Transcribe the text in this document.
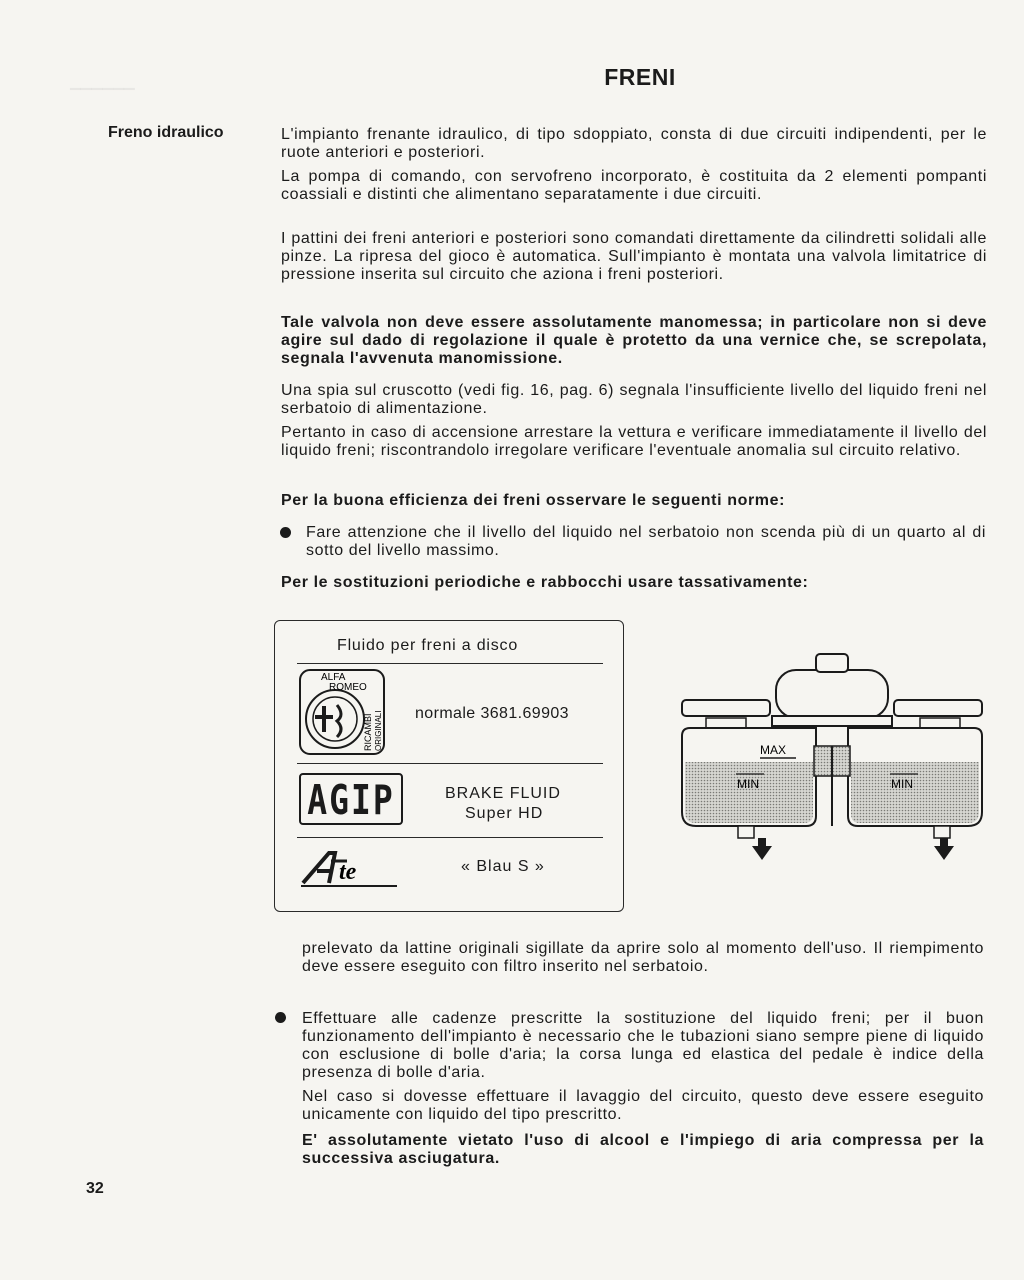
▔▔▔▔▔▔
FRENI
Freno idraulico	L'impianto frenante idraulico, di tipo sdoppiato, consta di due circuiti indipendenti, per le ruote anteriori e posteriori.
La pompa di comando, con servofreno incorporato, è costituita da 2 elementi pompanti coassiali e distinti che alimentano separatamente i due circuiti.
I pattini dei freni anteriori e posteriori sono comandati direttamente da cilindretti solidali alle pinze. La ripresa del gioco è automatica. Sull'impianto è montata una valvola limitatrice di pressione inserita sul circuito che aziona i freni posteriori.
Tale valvola non deve essere assolutamente manomessa; in particolare non si deve agire sul dado di regolazione il quale è protetto da una vernice che, se screpolata, segnala l'avvenuta manomissione.
Una spia sul cruscotto (vedi fig. 16, pag. 6) segnala l'insufficiente livello del liquido freni nel serbatoio di alimentazione.
Pertanto in caso di accensione arrestare la vettura e verificare immediatamente il livello del liquido freni; riscontrandolo irregolare verificare l'eventuale anomalia sul circuito relativo.
Per la buona efficienza dei freni osservare le seguenti norme:
Fare attenzione che il livello del liquido nel serbatoio non scenda più di un quarto al di sotto del livello massimo.
Per le sostituzioni periodiche e rabbocchi usare tassativamente:
Fluido per freni a disco
ALFA
ROMEO
RICAMBI ORIGINALI normale 3681.69903
AGIP	BRAKE FLUID
Super HD
te	« Blau S »
MAX
MIN	MIN
prelevato da lattine originali sigillate da aprire solo al momento dell'uso. Il riempimento deve essere eseguito con filtro inserito nel serbatoio.
Effettuare alle cadenze prescritte la sostituzione del liquido freni; per il buon funzionamento dell'impianto è necessario che le tubazioni siano sempre piene di liquido con esclusione di bolle d'aria; la corsa lunga ed elastica del pedale è indice della presenza di bolle d'aria.
Nel caso si dovesse effettuare il lavaggio del circuito, questo deve essere eseguito unicamente con liquido del tipo prescritto.
E' assolutamente vietato l'uso di alcool e l'impiego di aria compressa per la successiva asciugatura.
32
